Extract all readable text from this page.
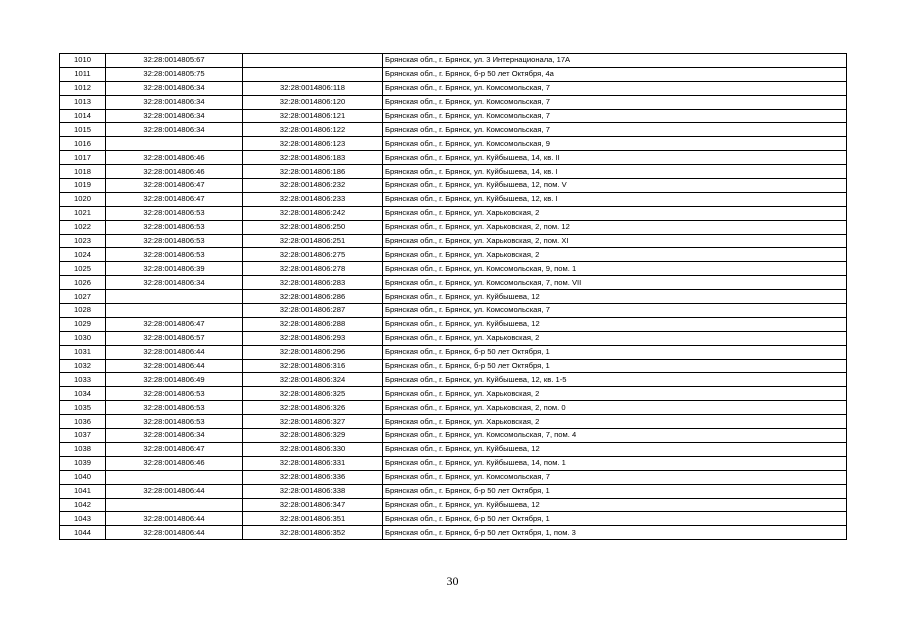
1010	32:28:0014805:67		Брянская обл., г. Брянск, ул. 3 Интернационала, 17А
1011	32:28:0014805:75		Брянская обл., г. Брянск, б-р 50 лет Октября, 4а
1012	32:28:0014806:34	32:28:0014806:118	Брянская обл., г. Брянск, ул. Комсомольская, 7
1013	32:28:0014806:34	32:28:0014806:120	Брянская обл., г. Брянск, ул. Комсомольская, 7
1014	32:28:0014806:34	32:28:0014806:121	Брянская обл., г. Брянск, ул. Комсомольская, 7
1015	32:28:0014806:34	32:28:0014806:122	Брянская обл., г. Брянск, ул. Комсомольская, 7
1016		32:28:0014806:123	Брянская обл., г. Брянск, ул. Комсомольская, 9
1017	32:28:0014806:46	32:28:0014806:183	Брянская обл., г. Брянск, ул. Куйбышева, 14, кв. II
1018	32:28:0014806:46	32:28:0014806:186	Брянская обл., г. Брянск, ул. Куйбышева, 14, кв. I
1019	32:28:0014806:47	32:28:0014806:232	Брянская обл., г. Брянск, ул. Куйбышева, 12, пом. V
1020	32:28:0014806:47	32:28:0014806:233	Брянская обл., г. Брянск, ул. Куйбышева, 12, кв. I
1021	32:28:0014806:53	32:28:0014806:242	Брянская обл., г. Брянск, ул. Харьковская, 2
1022	32:28:0014806:53	32:28:0014806:250	Брянская обл., г. Брянск, ул. Харьковская, 2, пом. 12
1023	32:28:0014806:53	32:28:0014806:251	Брянская обл., г. Брянск, ул. Харьковская, 2, пом. XI
1024	32:28:0014806:53	32:28:0014806:275	Брянская обл., г. Брянск, ул. Харьковская, 2
1025	32:28:0014806:39	32:28:0014806:278	Брянская обл., г. Брянск, ул. Комсомольская, 9, пом. 1
1026	32:28:0014806:34	32:28:0014806:283	Брянская обл., г. Брянск, ул. Комсомольская, 7, пом. VII
1027		32:28:0014806:286	Брянская обл., г. Брянск, ул. Куйбышева, 12
1028		32:28:0014806:287	Брянская обл., г. Брянск, ул. Комсомольская, 7
1029	32:28:0014806:47	32:28:0014806:288	Брянская обл., г. Брянск, ул. Куйбышева, 12
1030	32:28:0014806:57	32:28:0014806:293	Брянская обл., г. Брянск, ул. Харьковская, 2
1031	32:28:0014806:44	32:28:0014806:296	Брянская обл., г. Брянск, б-р 50 лет Октября, 1
1032	32:28:0014806:44	32:28:0014806:316	Брянская обл., г. Брянск, б-р 50 лет Октября, 1
1033	32:28:0014806:49	32:28:0014806:324	Брянская обл., г. Брянск, ул. Куйбышева, 12, кв. 1-5
1034	32:28:0014806:53	32:28:0014806:325	Брянская обл., г. Брянск, ул. Харьковская, 2
1035	32:28:0014806:53	32:28:0014806:326	Брянская обл., г. Брянск, ул. Харьковская, 2, пом. 0
1036	32:28:0014806:53	32:28:0014806:327	Брянская обл., г. Брянск, ул. Харьковская, 2
1037	32:28:0014806:34	32:28:0014806:329	Брянская обл., г. Брянск, ул. Комсомольская, 7, пом. 4
1038	32:28:0014806:47	32:28:0014806:330	Брянская обл., г. Брянск, ул. Куйбышева, 12
1039	32:28:0014806:46	32:28:0014806:331	Брянская обл., г. Брянск, ул. Куйбышева, 14, пом. 1
1040		32:28:0014806:336	Брянская обл., г. Брянск, ул. Комсомольская, 7
1041	32:28:0014806:44	32:28:0014806:338	Брянская обл., г. Брянск, б-р 50 лет Октября, 1
1042		32:28:0014806:347	Брянская обл., г. Брянск, ул. Куйбышева, 12
1043	32:28:0014806:44	32:28:0014806:351	Брянская обл., г. Брянск, б-р 50 лет Октября, 1
1044	32:28:0014806:44	32:28:0014806:352	Брянская обл., г. Брянск, б-р 50 лет Октября, 1, пом. 3
30
